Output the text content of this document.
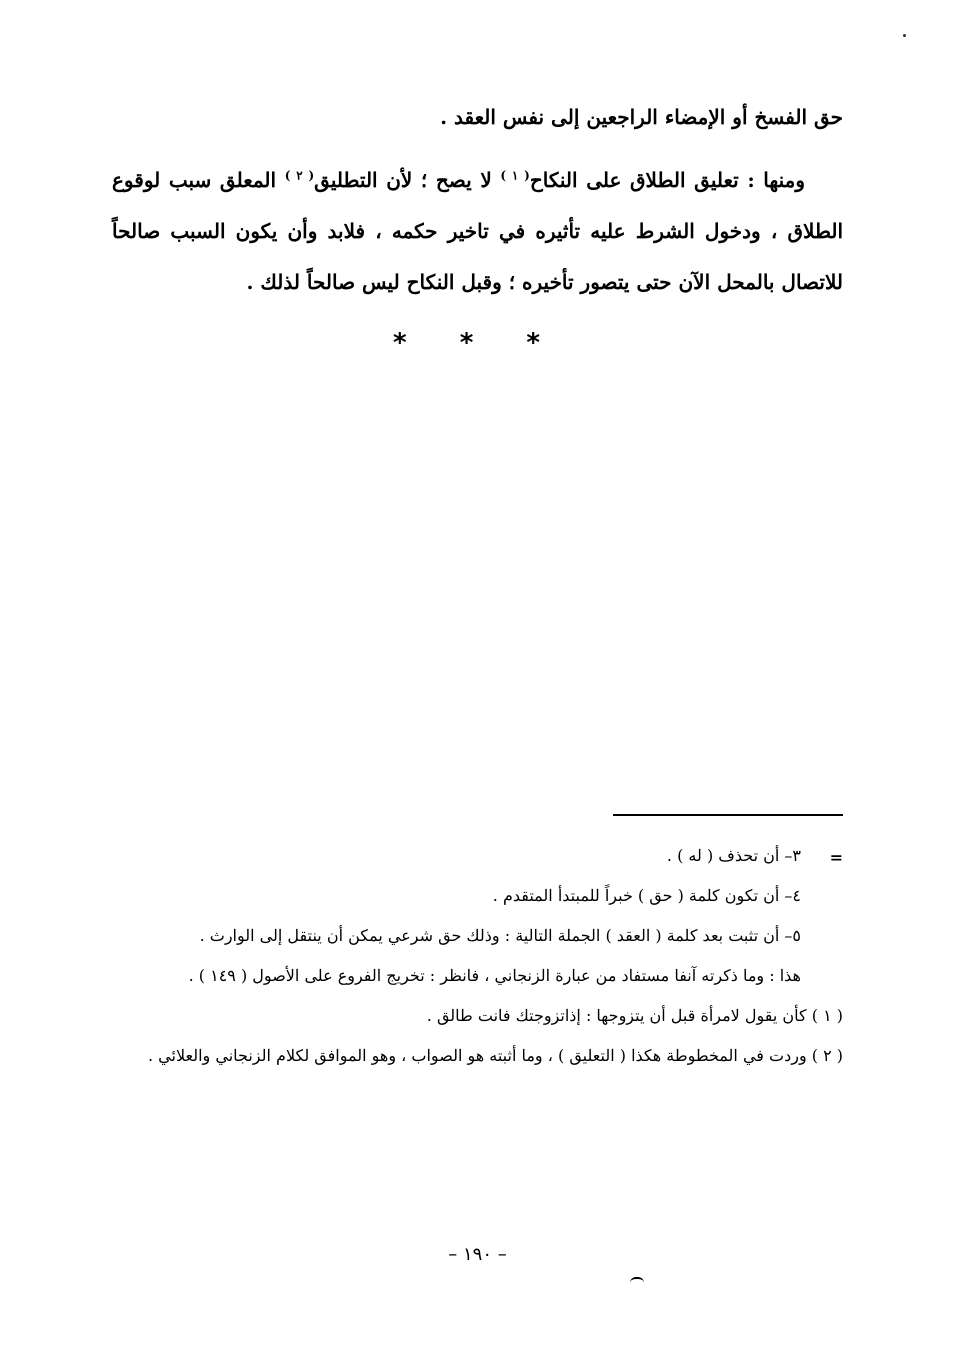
حق الفسخ أو الإمضاء الراجعين إلى نفس العقد .

ومنها : تعليق الطلاق على النكاح$^{( ١ )}$ لا يصح ؛ لأن التطليق$^{( ٢ )}$ المعلق سبب لوقوع الطلاق ، ودخول الشرط عليه تأثيره في تاخير حكمه ، فلابد وأن يكون السبب صالحاً للاتصال بالمحل الآن حتى يتصور تأخيره ؛ وقبل النكاح ليس صالحاً لذلك .

* * *
=

٣– أن تحذف ( له ) .

٤– أن تكون كلمة ( حق ) خبراً للمبتدأ المتقدم .

٥– أن تثبت بعد كلمة ( العقد ) الجملة التالية : وذلك حق شرعي يمكن أن ينتقل إلى الوارث .

هذا : وما ذكرته آنفا مستفاد من عبارة الزنجاني ، فانظر : تخريج الفروع على الأصول ( ١٤٩ ) .

( ١ ) كأن يقول لامرأة قبل أن يتزوجها : إذاتزوجتك فانت طالق .

( ٢ ) وردت في المخطوطة هكذا ( التعليق ) ، وما أثبته هو الصواب ، وهو الموافق لكلام الزنجاني والعلائي .

– ١٩٠ –
